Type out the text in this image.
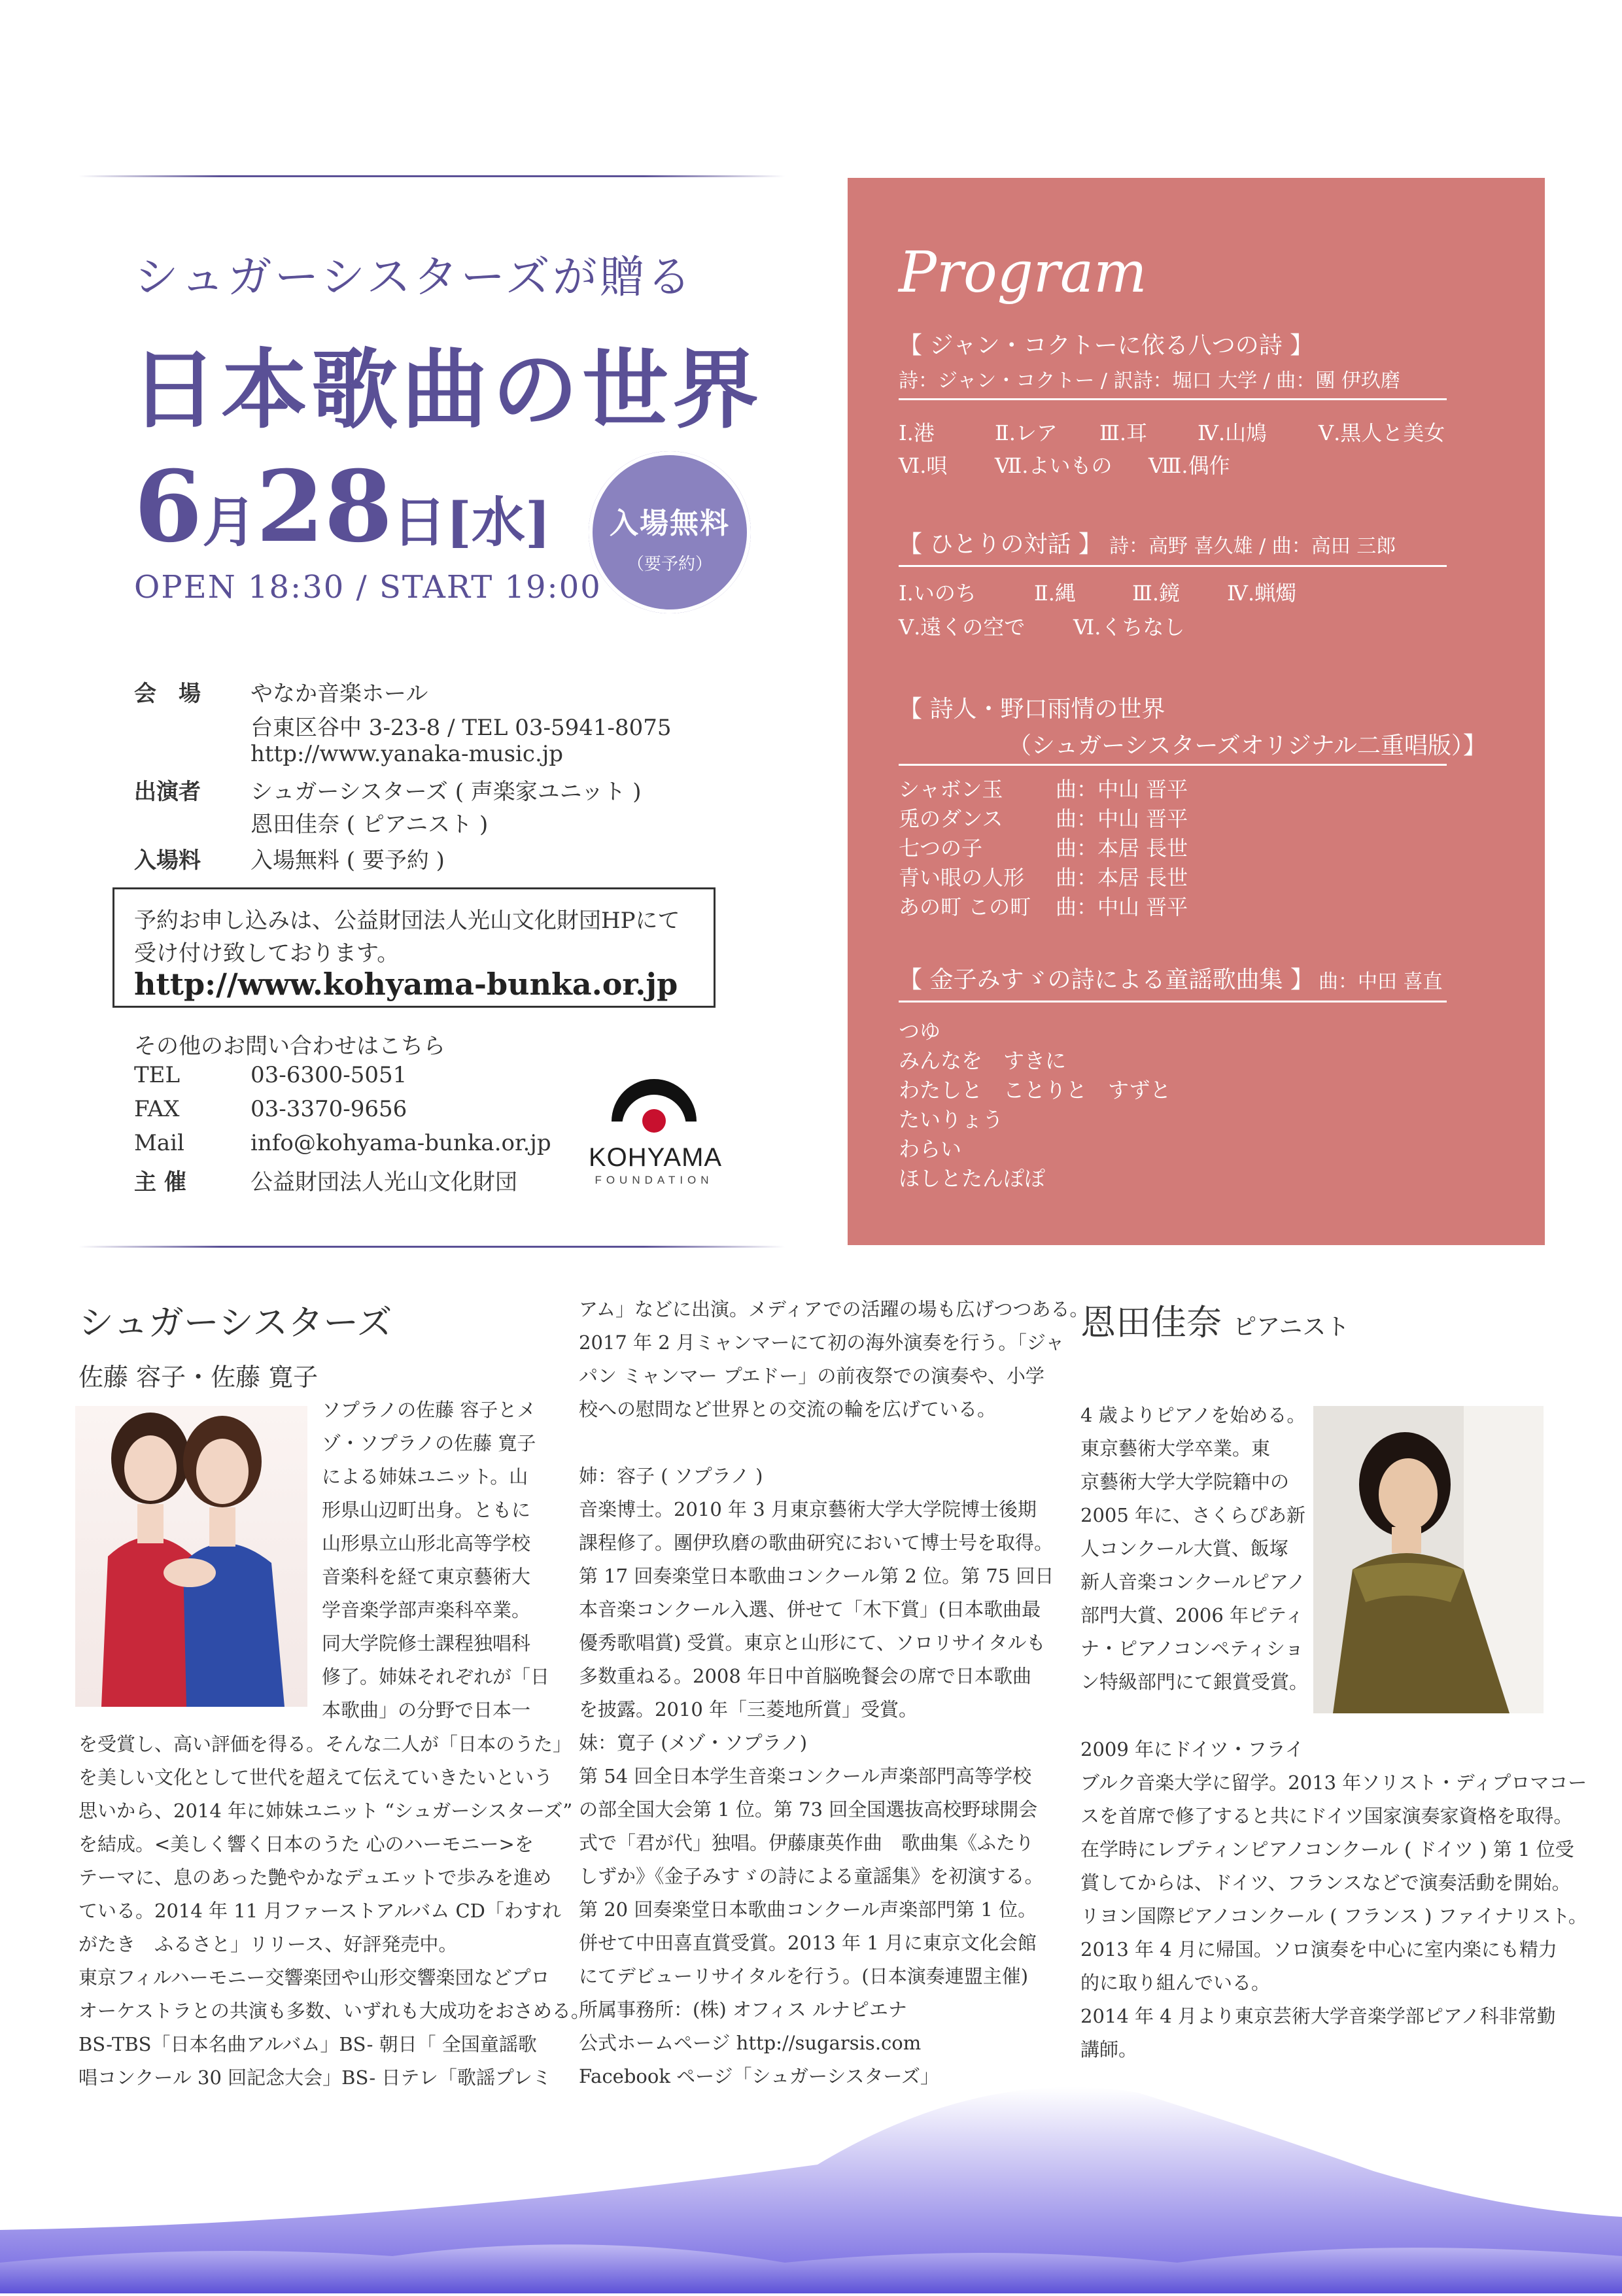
シュガーシスターズが贈る
日本歌曲の世界
6月28日[水]
OPEN 18:30 / START 19:00
入場無料
（要予約）
会　場 やなか音楽ホール
台東区谷中 3-23-8 / TEL 03-5941-8075
http://www.yanaka-music.jp
出演者 シュガーシスターズ ( 声楽家ユニット )
恩田佳奈 ( ピアニスト )
入場料 入場無料 ( 要予約 )
予約お申し込みは、公益財団法人光山文化財団HPにて
受け付け致しております。
http://www.kohyama-bunka.or.jp
その他のお問い合わせはこちら
TEL	03-6300-5051
FAX	03-3370-9656
Mail	info@kohyama-bunka.or.jp
主 催	公益財団法人光山文化財団
KOHYAMA
FOUNDATION
Program
【 ジャン・コクトーに依る八つの詩 】
詩：ジャン・コクトー / 訳詩：堀口 大学 / 曲：團 伊玖磨
Ⅰ.港	Ⅱ.レア Ⅲ.耳 Ⅳ.山鳩 Ⅴ.黒人と美女
Ⅵ.唄 Ⅶ.よいもの Ⅷ.偶作
【 ひとりの対話 】 詩：高野 喜久雄 / 曲：高田 三郎
Ⅰ.いのち	Ⅱ.縄	Ⅲ.鏡 Ⅳ.蝋燭
Ⅴ.遠くの空で Ⅵ.くちなし
【 詩人・野口雨情の世界
（シュガーシスターズオリジナル二重唱版）】
シャボン玉	曲：中山 晋平
兎のダンス	曲：中山 晋平
七つの子	曲：本居 長世
青い眼の人形 曲：本居 長世
あの町 この町 曲：中山 晋平
【 金子みすゞの詩による童謡歌曲集 】 曲：中田 喜直
つゆ
みんなを　すきに
わたしと　ことりと　すずと
たいりょう
わらい
ほしとたんぽぽ
シュガーシスターズ
佐藤 容子・佐藤 寛子
ソプラノの佐藤 容子とメ
ゾ・ソプラノの佐藤 寛子
による姉妹ユニット。山
形県山辺町出身。ともに
山形県立山形北高等学校
音楽科を経て東京藝術大
学音楽学部声楽科卒業。
同大学院修士課程独唱科
修了。姉妹それぞれが「日
本歌曲」の分野で日本一
を受賞し、高い評価を得る。そんな二人が「日本のうた」
を美しい文化として世代を超えて伝えていきたいという
思いから、2014 年に姉妹ユニット “シュガーシスターズ”
を結成。<美しく響く日本のうた 心のハーモニー>を
テーマに、息のあった艶やかなデュエットで歩みを進め
ている。2014 年 11 月ファーストアルバム CD「わすれ
がたき　ふるさと」リリース、好評発売中。
東京フィルハーモニー交響楽団や山形交響楽団などプロ
オーケストラとの共演も多数、いずれも大成功をおさめる。
BS-TBS「日本名曲アルバム」BS- 朝日「 全国童謡歌
唱コンクール 30 回記念大会」BS- 日テレ「歌謡プレミ
アム」などに出演。メディアでの活躍の場も広げつつある。
2017 年 2 月ミャンマーにて初の海外演奏を行う。「ジャ
パン ミャンマー プエドー」の前夜祭での演奏や、小学
校への慰問など世界との交流の輪を広げている。
姉：容子 ( ソプラノ )
音楽博士。2010 年 3 月東京藝術大学大学院博士後期
課程修了。團伊玖磨の歌曲研究において博士号を取得。
第 17 回奏楽堂日本歌曲コンクール第 2 位。第 75 回日
本音楽コンクール入選、併せて「木下賞」(日本歌曲最
優秀歌唱賞) 受賞。東京と山形にて、ソロリサイタルも
多数重ねる。2008 年日中首脳晩餐会の席で日本歌曲
を披露。2010 年「三菱地所賞」受賞。
妹：寛子 (メゾ・ソプラノ)
第 54 回全日本学生音楽コンクール声楽部門高等学校
の部全国大会第 1 位。第 73 回全国選抜高校野球開会
式で「君が代」独唱。伊藤康英作曲　歌曲集《ふたり
しずか》《金子みすゞの詩による童謡集》を初演する。
第 20 回奏楽堂日本歌曲コンクール声楽部門第 1 位。
併せて中田喜直賞受賞。2013 年 1 月に東京文化会館
にてデビューリサイタルを行う。(日本演奏連盟主催)
所属事務所：(株) オフィス ルナピエナ
公式ホームページ http://sugarsis.com
Facebook ページ「シュガーシスターズ」
恩田佳奈 ピアニスト
4 歳よりピアノを始める。
東京藝術大学卒業。東
京藝術大学大学院籍中の
2005 年に、さくらぴあ新
人コンクール大賞、飯塚
新人音楽コンクールピアノ
部門大賞、2006 年ピティ
ナ・ピアノコンペティショ
ン特級部門にて銀賞受賞。
2009 年にドイツ・フライ
ブルク音楽大学に留学。2013 年ソリスト・ディプロマコー
スを首席で修了すると共にドイツ国家演奏家資格を取得。
在学時にレプティンピアノコンクール ( ドイツ ) 第 1 位受
賞してからは、ドイツ、フランスなどで演奏活動を開始。
リヨン国際ピアノコンクール ( フランス ) ファイナリスト。
2013 年 4 月に帰国。ソロ演奏を中心に室内楽にも精力
的に取り組んでいる。
2014 年 4 月より東京芸術大学音楽学部ピアノ科非常勤
講師。
